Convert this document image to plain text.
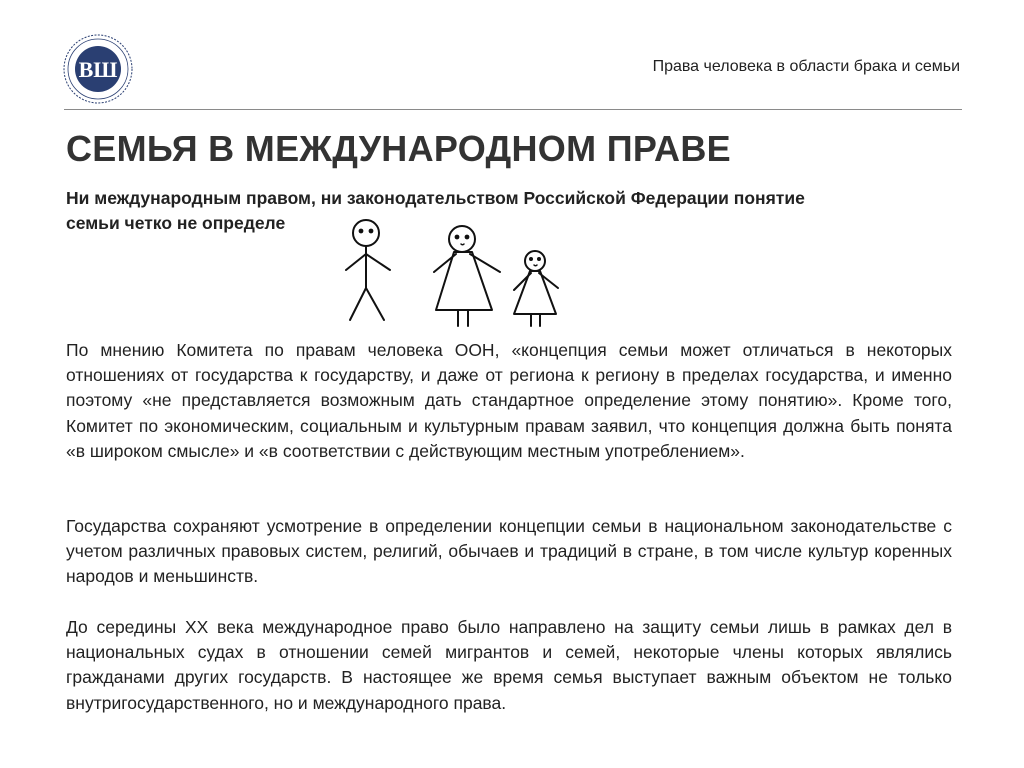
ВШ	Права человека в области брака и семьи
СЕМЬЯ В МЕЖДУНАРОДНОМ ПРАВЕ

Ни международным правом, ни законодательством Российской Федерации понятие
семьи четко не определе

По мнению Комитета по правам человека ООН, «концепция семьи может отличаться в некоторых отношениях от государства к государству, и даже от региона к региону в пределах государства, и именно поэтому «не представляется возможным дать стандартное определение этому понятию». Кроме того, Комитет по экономическим, социальным и культурным правам заявил, что концепция должна быть понята «в широком смысле» и «в соответствии с действующим местным употреблением».

Государства сохраняют усмотрение в определении концепции семьи в национальном законодательстве с учетом различных правовых систем, религий, обычаев и традиций в стране, в том числе культур коренных народов и меньшинств.

До середины XX века международное право было направлено на защиту семьи лишь в рамках дел в национальных судах в отношении семей мигрантов и семей, некоторые члены которых являлись гражданами других государств. В настоящее же время семья выступает важным объектом не только внутригосударственного, но и международного права.
